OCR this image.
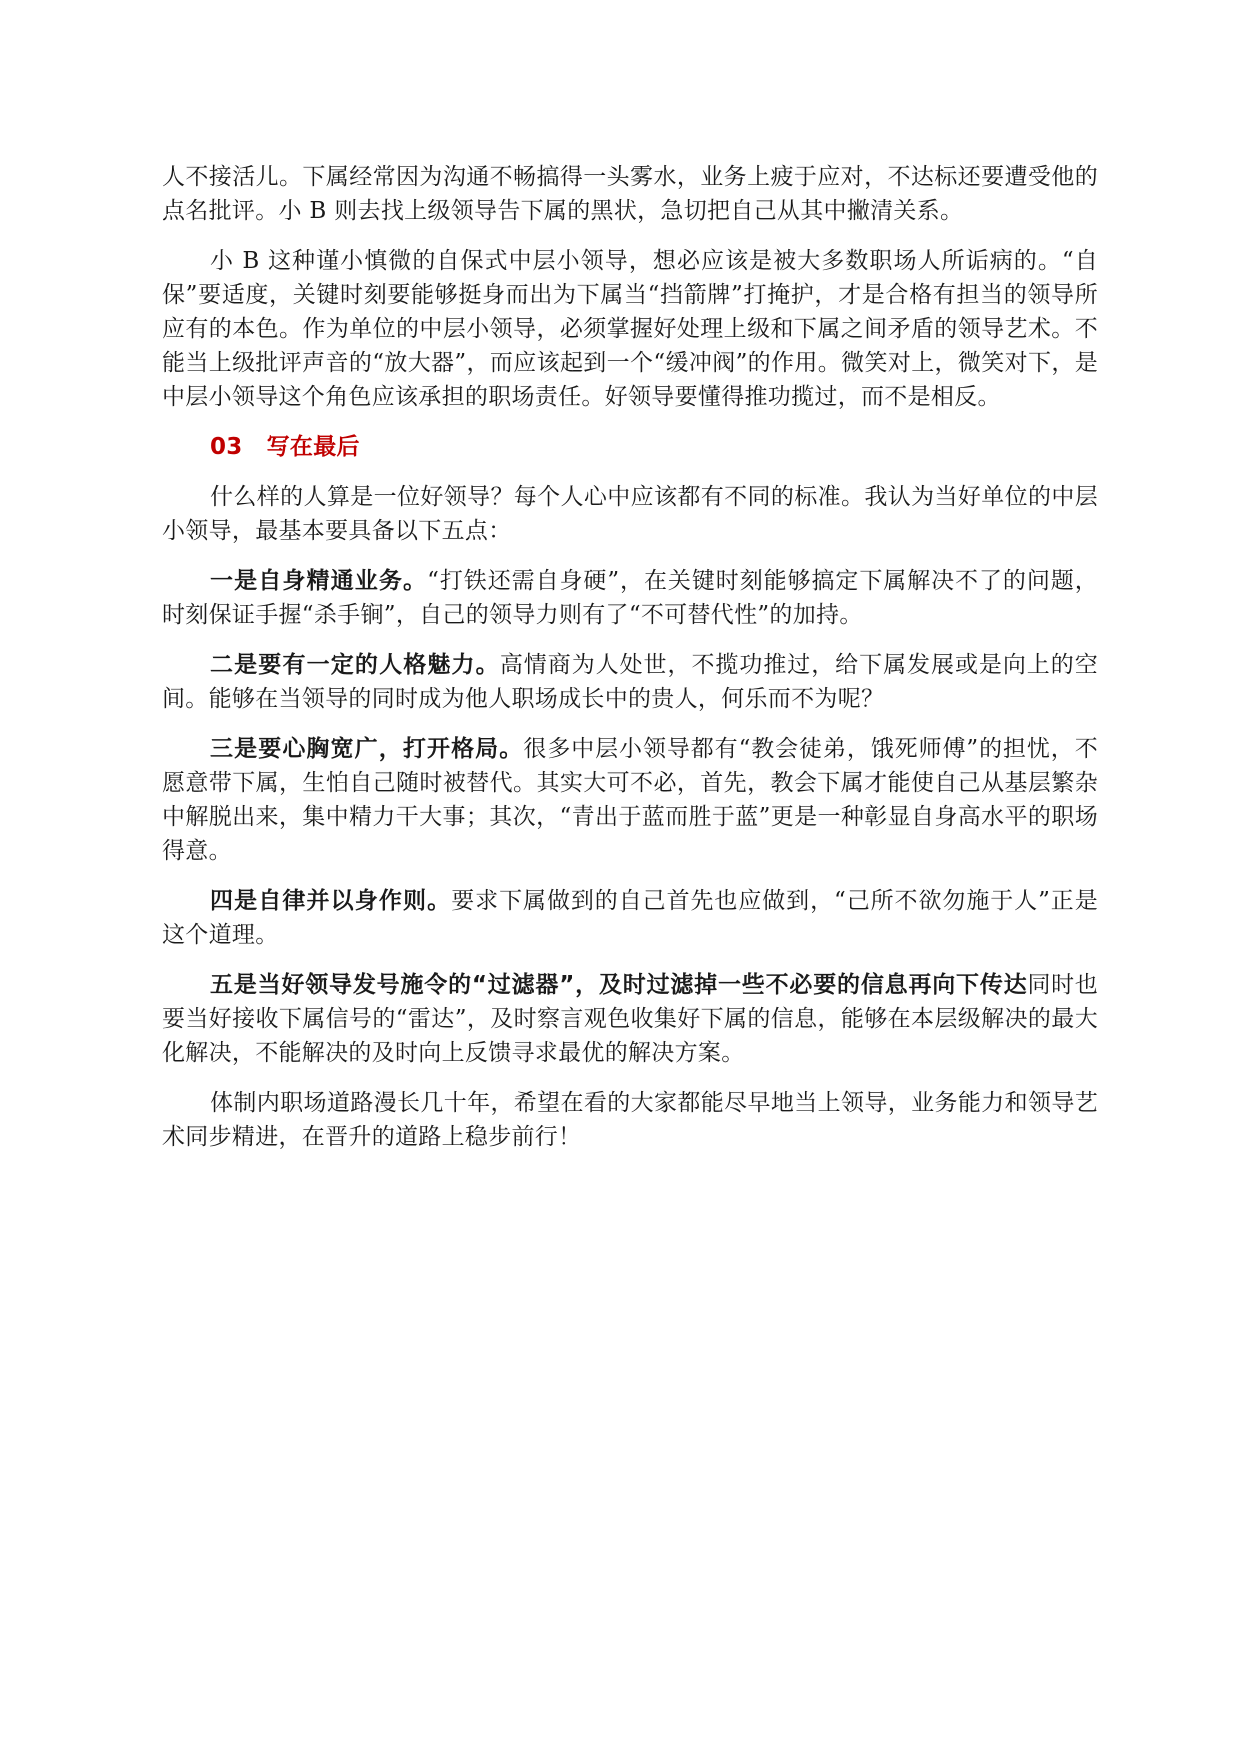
人不接活儿。下属经常因为沟通不畅搞得一头雾水，业务上疲于应对，不达标还要遭受他的点名批评。小 B 则去找上级领导告下属的黑状，急切把自己从其中撇清关系。

小 B 这种谨小慎微的自保式中层小领导，想必应该是被大多数职场人所诟病的。“自保”要适度，关键时刻要能够挺身而出为下属当“挡箭牌”打掩护，才是合格有担当的领导所应有的本色。作为单位的中层小领导，必须掌握好处理上级和下属之间矛盾的领导艺术。不能当上级批评声音的“放大器”，而应该起到一个“缓冲阀”的作用。微笑对上，微笑对下，是中层小领导这个角色应该承担的职场责任。好领导要懂得推功揽过，而不是相反。

03 写在最后

什么样的人算是一位好领导？每个人心中应该都有不同的标准。我认为当好单位的中层小领导，最基本要具备以下五点：

一是自身精通业务。“打铁还需自身硬”，在关键时刻能够搞定下属解决不了的问题，时刻保证手握“杀手锏”，自己的领导力则有了“不可替代性”的加持。

二是要有一定的人格魅力。高情商为人处世，不揽功推过，给下属发展或是向上的空间。能够在当领导的同时成为他人职场成长中的贵人，何乐而不为呢？

三是要心胸宽广，打开格局。很多中层小领导都有“教会徒弟，饿死师傅”的担忧，不愿意带下属，生怕自己随时被替代。其实大可不必，首先，教会下属才能使自己从基层繁杂中解脱出来，集中精力干大事；其次，“青出于蓝而胜于蓝”更是一种彰显自身高水平的职场得意。

四是自律并以身作则。要求下属做到的自己首先也应做到，“己所不欲勿施于人”正是这个道理。

五是当好领导发号施令的“过滤器”，及时过滤掉一些不必要的信息再向下传达同时也要当好接收下属信号的“雷达”，及时察言观色收集好下属的信息，能够在本层级解决的最大化解决，不能解决的及时向上反馈寻求最优的解决方案。

体制内职场道路漫长几十年，希望在看的大家都能尽早地当上领导，业务能力和领导艺术同步精进，在晋升的道路上稳步前行！
